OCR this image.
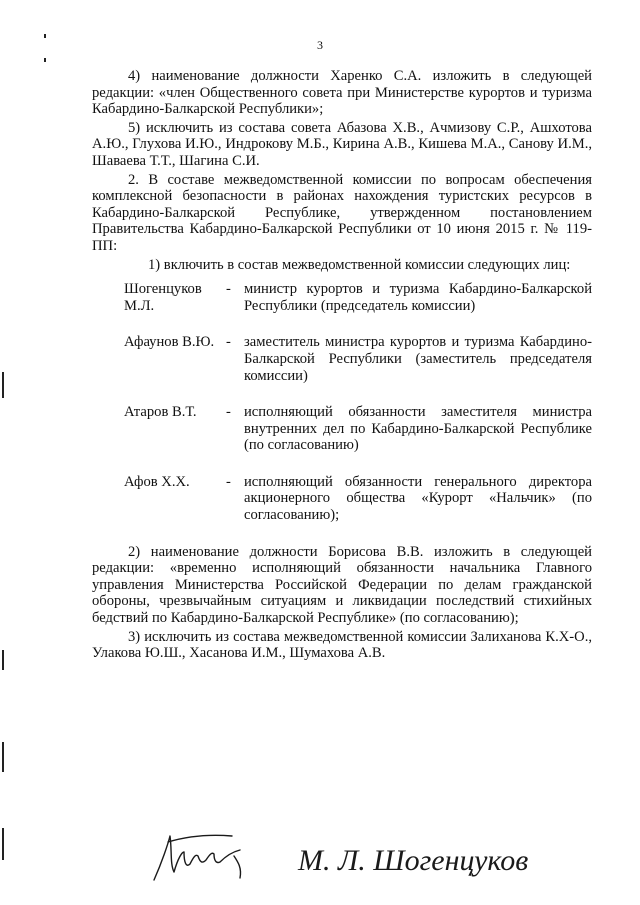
3

4) наименование должности Харенко С.А. изложить в следующей редакции: «член Общественного совета при Министерстве курортов и туризма Кабардино-Балкарской Республики»;

5) исключить из состава совета Абазова Х.В., Ачмизову С.Р., Ашхотова А.Ю., Глухова И.Ю., Индрокову М.Б., Кирина А.В., Кишева М.А., Санову И.М., Шаваева Т.Т., Шагина С.И.

2. В составе межведомственной комиссии по вопросам обеспечения комплексной безопасности в районах нахождения туристских ресурсов в Кабардино-Балкарской Республике, утвержденном постановлением Правительства Кабардино-Балкарской Республики от 10 июня 2015 г. № 119-ПП:

1) включить в состав межведомственной комиссии следующих лиц:

Шогенцуков М.Л.
- министр курортов и туризма Кабардино-Балкарской Республики (председатель комиссии)
Афаунов В.Ю. - заместитель министра курортов и туризма Кабардино-Балкарской Республики (заместитель председателя комиссии)
Атаров В.Т.	- исполняющий обязанности заместителя министра внутренних дел по Кабардино-Балкарской Республике (по согласованию)
Афов Х.Х.	- исполняющий обязанности генерального директора акционерного общества «Курорт «Нальчик» (по согласованию);

2) наименование должности Борисова В.В. изложить в следующей редакции: «временно исполняющий обязанности начальника Главного управления Министерства Российской Федерации по делам гражданской обороны, чрезвычайным ситуациям и ликвидации последствий стихийных бедствий по Кабардино-Балкарской Республике» (по согласованию);

3) исключить из состава межведомственной комиссии Залиханова К.Х-О., Улакова Ю.Ш., Хасанова И.М., Шумахова А.В.

М. Л. Шогенцуков
